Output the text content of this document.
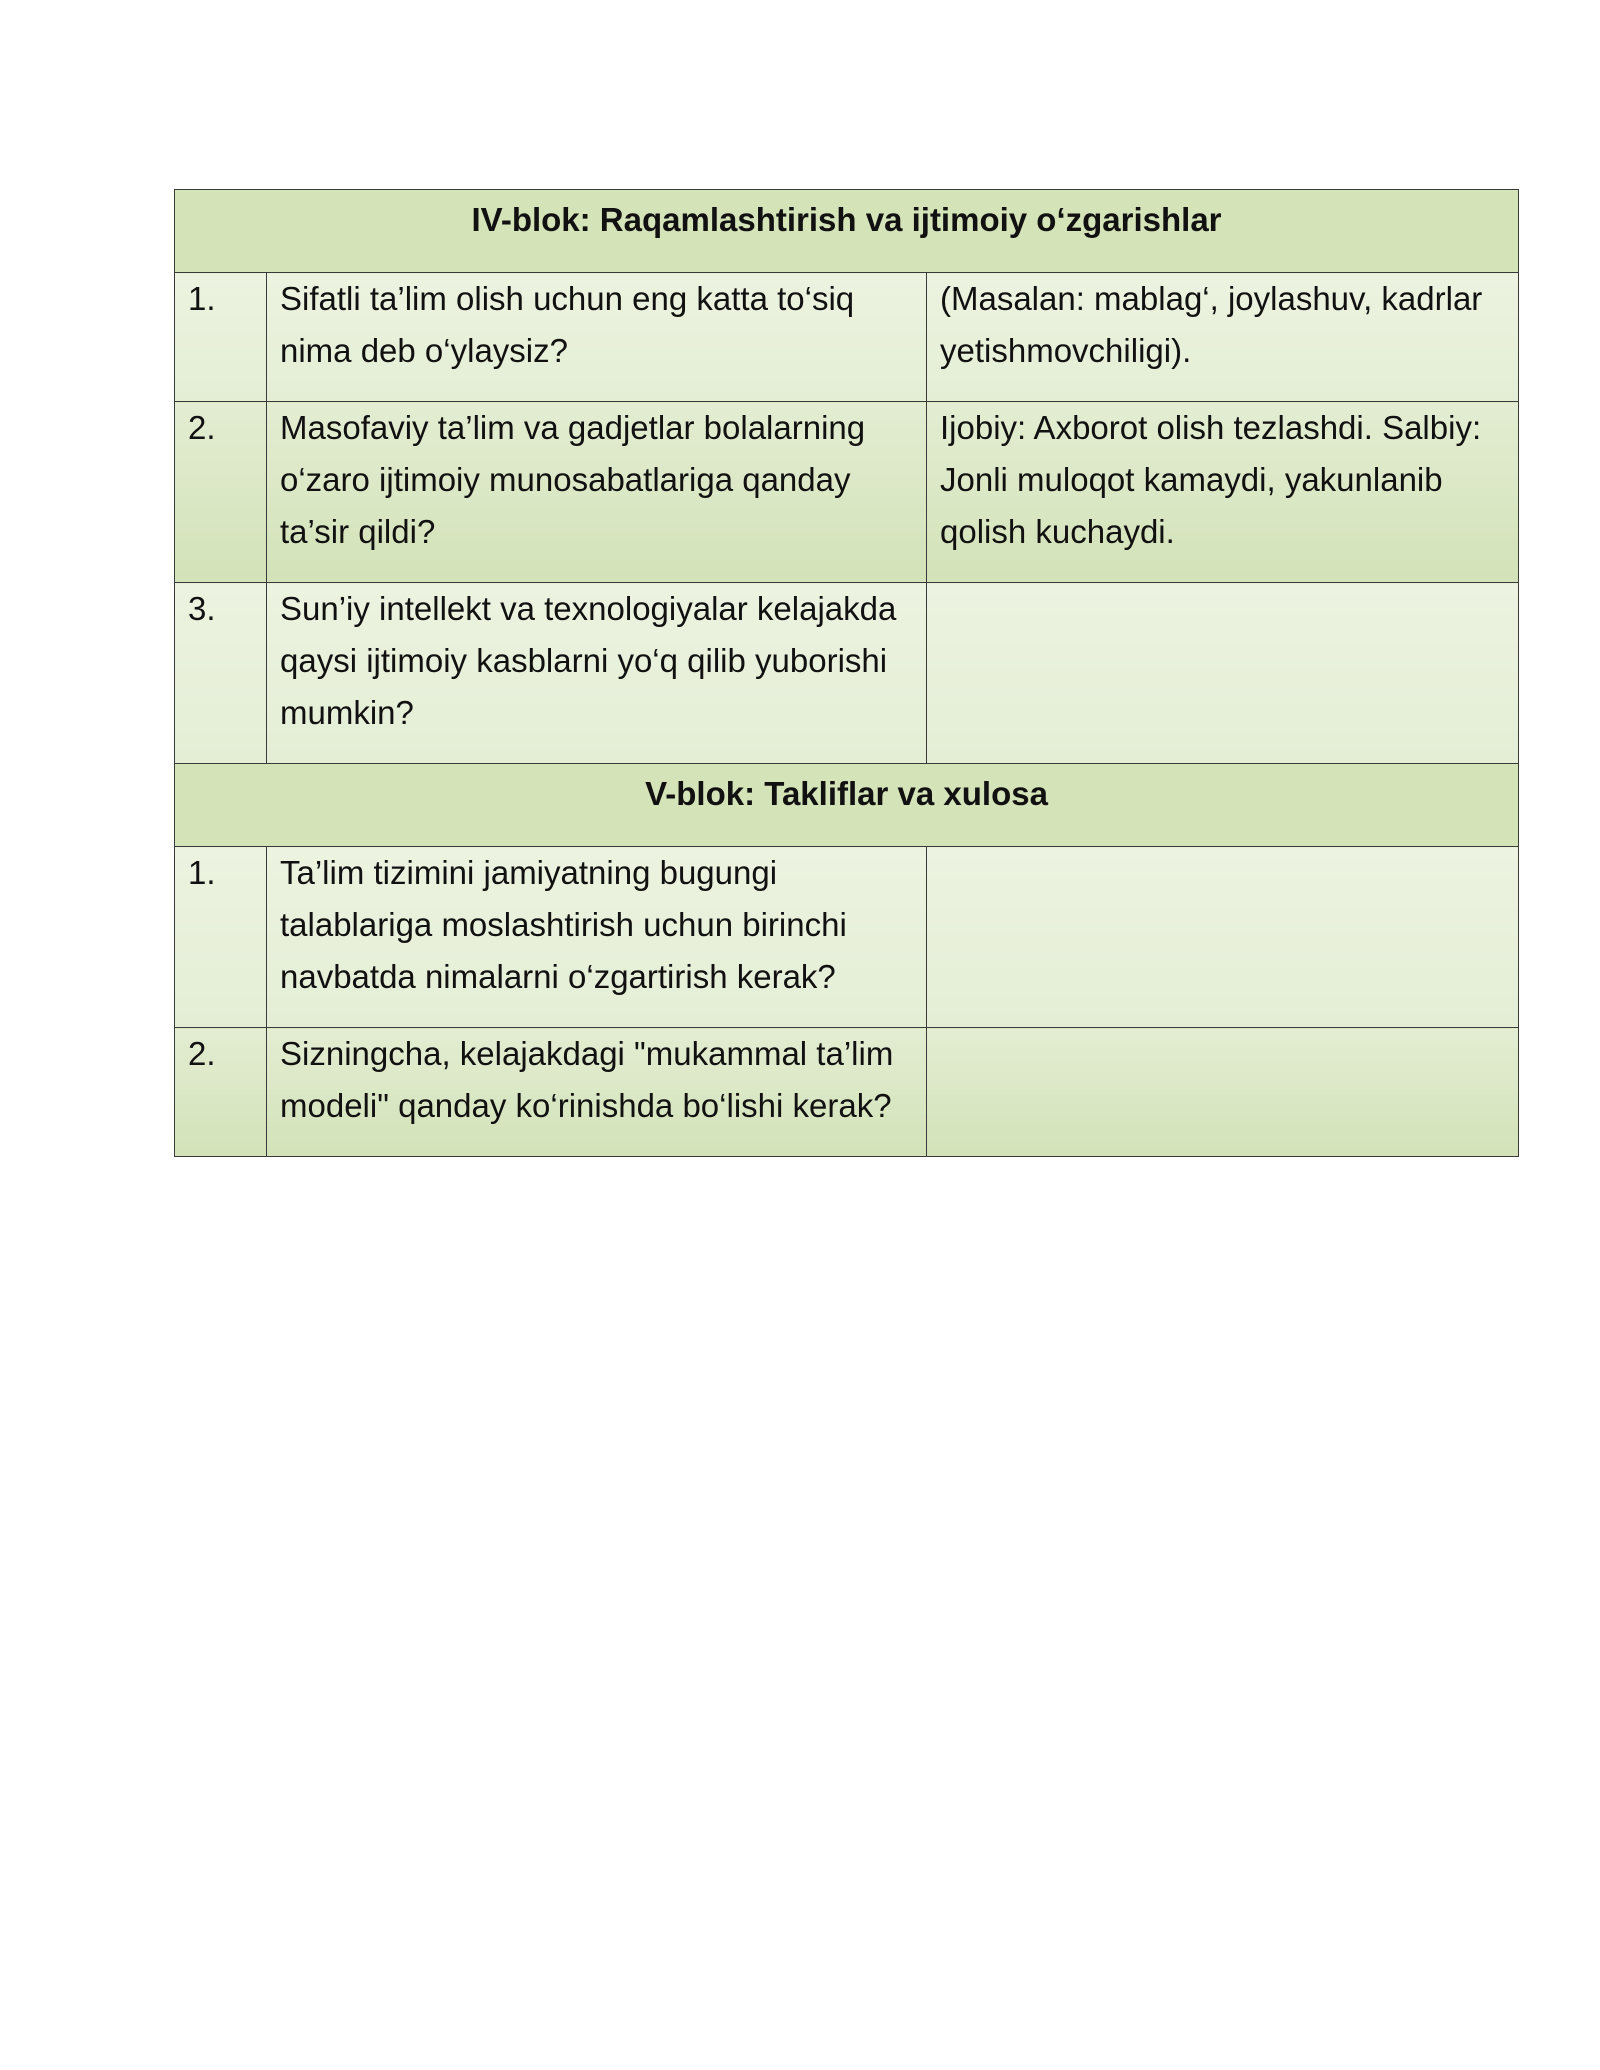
IV-blok: Raqamlashtirish va ijtimoiy o‘zgarishlar		
1.	Sifatli ta’lim olish uchun eng katta to‘siq nima deb o‘ylaysiz?	(Masalan: mablag‘, joylashuv, kadrlar yetishmovchiligi).
2.	Masofaviy ta’lim va gadjetlar bolalarning o‘zaro ijtimoiy munosabatlariga qanday ta’sir qildi?	Ijobiy: Axborot olish tezlashdi. Salbiy: Jonli muloqot kamaydi, yakunlanib qolish kuchaydi.
3.	Sun’iy intellekt va texnologiyalar kelajakda qaysi ijtimoiy kasblarni yo‘q qilib yuborishi mumkin?	
V-blok: Takliflar va xulosa		
1.	Ta’lim tizimini jamiyatning bugungi talablariga moslashtirish uchun birinchi navbatda nimalarni o‘zgartirish kerak?	
2.	Sizningcha, kelajakdagi "mukammal ta’lim modeli" qanday ko‘rinishda bo‘lishi kerak?	
